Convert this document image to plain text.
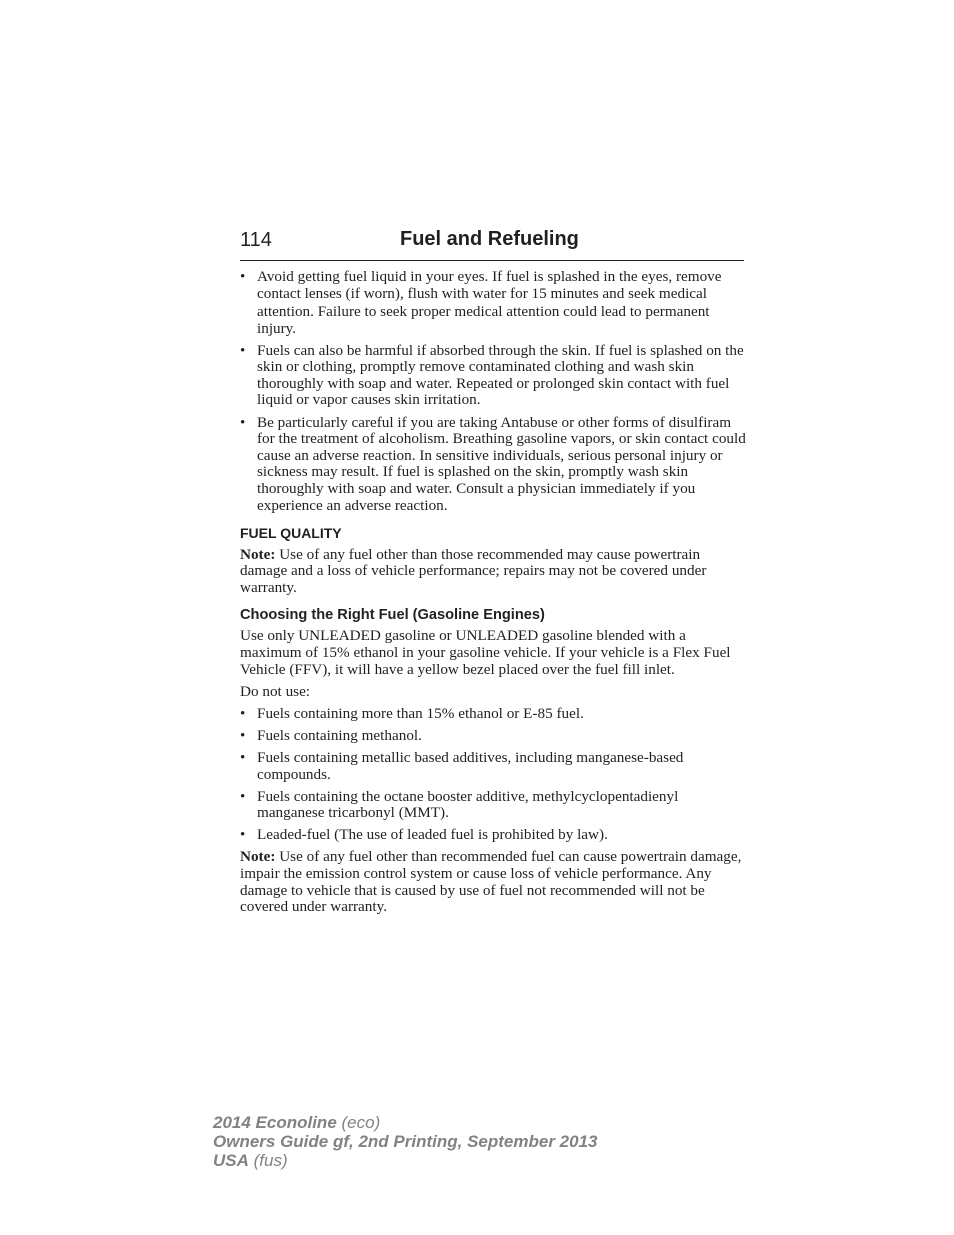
114	Fuel and Refueling
• Avoid getting fuel liquid in your eyes. If fuel is splashed in the eyes, remove contact lenses (if worn), flush with water for 15 minutes and seek medical attention. Failure to seek proper medical attention could lead to permanent injury.
• Fuels can also be harmful if absorbed through the skin. If fuel is splashed on the skin or clothing, promptly remove contaminated clothing and wash skin thoroughly with soap and water. Repeated or prolonged skin contact with fuel liquid or vapor causes skin irritation.
• Be particularly careful if you are taking Antabuse or other forms of disulfiram for the treatment of alcoholism. Breathing gasoline vapors, or skin contact could cause an adverse reaction. In sensitive individuals, serious personal injury or sickness may result. If fuel is splashed on the skin, promptly wash skin thoroughly with soap and water. Consult a physician immediately if you experience an adverse reaction.
FUEL QUALITY

Note: Use of any fuel other than those recommended may cause powertrain damage and a loss of vehicle performance; repairs may not be covered under warranty.

Choosing the Right Fuel (Gasoline Engines)

Use only UNLEADED gasoline or UNLEADED gasoline blended with a maximum of 15% ethanol in your gasoline vehicle. If your vehicle is a Flex Fuel Vehicle (FFV), it will have a yellow bezel placed over the fuel fill inlet.

Do not use:

• Fuels containing more than 15% ethanol or E-85 fuel.
• Fuels containing methanol.
• Fuels containing metallic based additives, including manganese-based compounds.
• Fuels containing the octane booster additive, methylcyclopentadienyl manganese tricarbonyl (MMT).
• Leaded-fuel (The use of leaded fuel is prohibited by law).

Note: Use of any fuel other than recommended fuel can cause powertrain damage, impair the emission control system or cause loss of vehicle performance. Any damage to vehicle that is caused by use of fuel not recommended will not be covered under warranty.

2014 Econoline (eco)
Owners Guide gf, 2nd Printing, September 2013
USA (fus)
